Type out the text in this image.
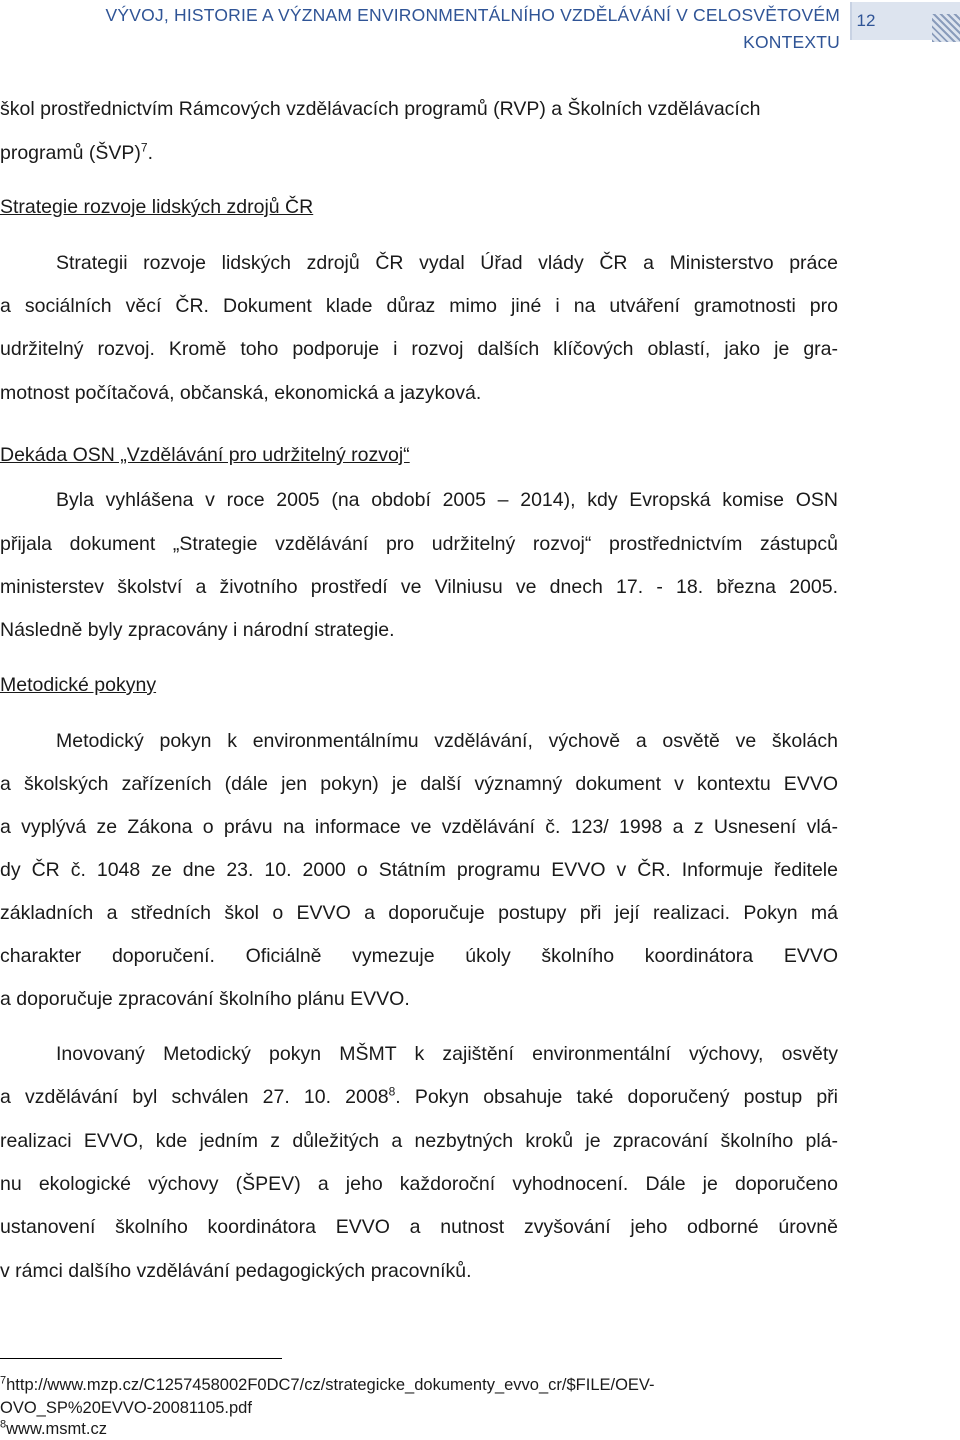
VÝVOJ, HISTORIE A VÝZNAM ENVIRONMENTÁLNÍHO VZDĚLÁVÁNÍ V CELOSVĚTOVÉM KONTEXTU
12

škol prostřednictvím Rámcových vzdělávacích programů (RVP) a Školních vzdělávacích

programů (ŠVP)$^7$.

Strategie rozvoje lidských zdrojů ČR

Strategii rozvoje lidských zdrojů ČR vydal Úřad vlády ČR a Ministerstvo práce

a sociálních věcí ČR. Dokument klade důraz mimo jiné i na utváření gramotnosti pro

udržitelný rozvoj. Kromě toho podporuje i rozvoj dalších klíčových oblastí, jako je gra-

motnost počítačová, občanská, ekonomická a jazyková.

Dekáda OSN „Vzdělávání pro udržitelný rozvoj“

Byla vyhlášena v roce 2005 (na období 2005 – 2014), kdy Evropská komise OSN

přijala dokument „Strategie vzdělávání pro udržitelný rozvoj“ prostřednictvím zástupců

ministerstev školství a životního prostředí ve Vilniusu ve dnech 17. - 18. března 2005.

Následně byly zpracovány i národní strategie.

Metodické pokyny

Metodický pokyn k environmentálnímu vzdělávání, výchově a osvětě ve školách

a školských zařízeních (dále jen pokyn) je další významný dokument v kontextu EVVO

a vyplývá ze Zákona o právu na informace ve vzdělávání č. 123/ 1998 a z Usnesení vlá-

dy ČR č. 1048 ze dne 23. 10. 2000 o Státním programu EVVO v ČR. Informuje ředitele

základních a středních škol o EVVO a doporučuje postupy při její realizaci. Pokyn má

charakter doporučení. Oficiálně vymezuje úkoly školního koordinátora EVVO

a doporučuje zpracování školního plánu EVVO.

Inovovaný Metodický pokyn MŠMT k zajištění environmentální výchovy, osvěty

a vzdělávání byl schválen 27. 10. 2008$^8$. Pokyn obsahuje také doporučený postup při

realizaci EVVO, kde jedním z důležitých a nezbytných kroků je zpracování školního plá-

nu ekologické výchovy (ŠPEV) a jeho každoroční vyhodnocení. Dále je doporučeno

ustanovení školního koordinátora EVVO a nutnost zvyšování jeho odborné úrovně

v rámci dalšího vzdělávání pedagogických pracovníků.

$^7$http://www.mzp.cz/C1257458002F0DC7/cz/strategicke_dokumenty_evvo_cr/$FILE/OEV-

OVO_SP%20EVVO-20081105.pdf

$^8$www.msmt.cz
